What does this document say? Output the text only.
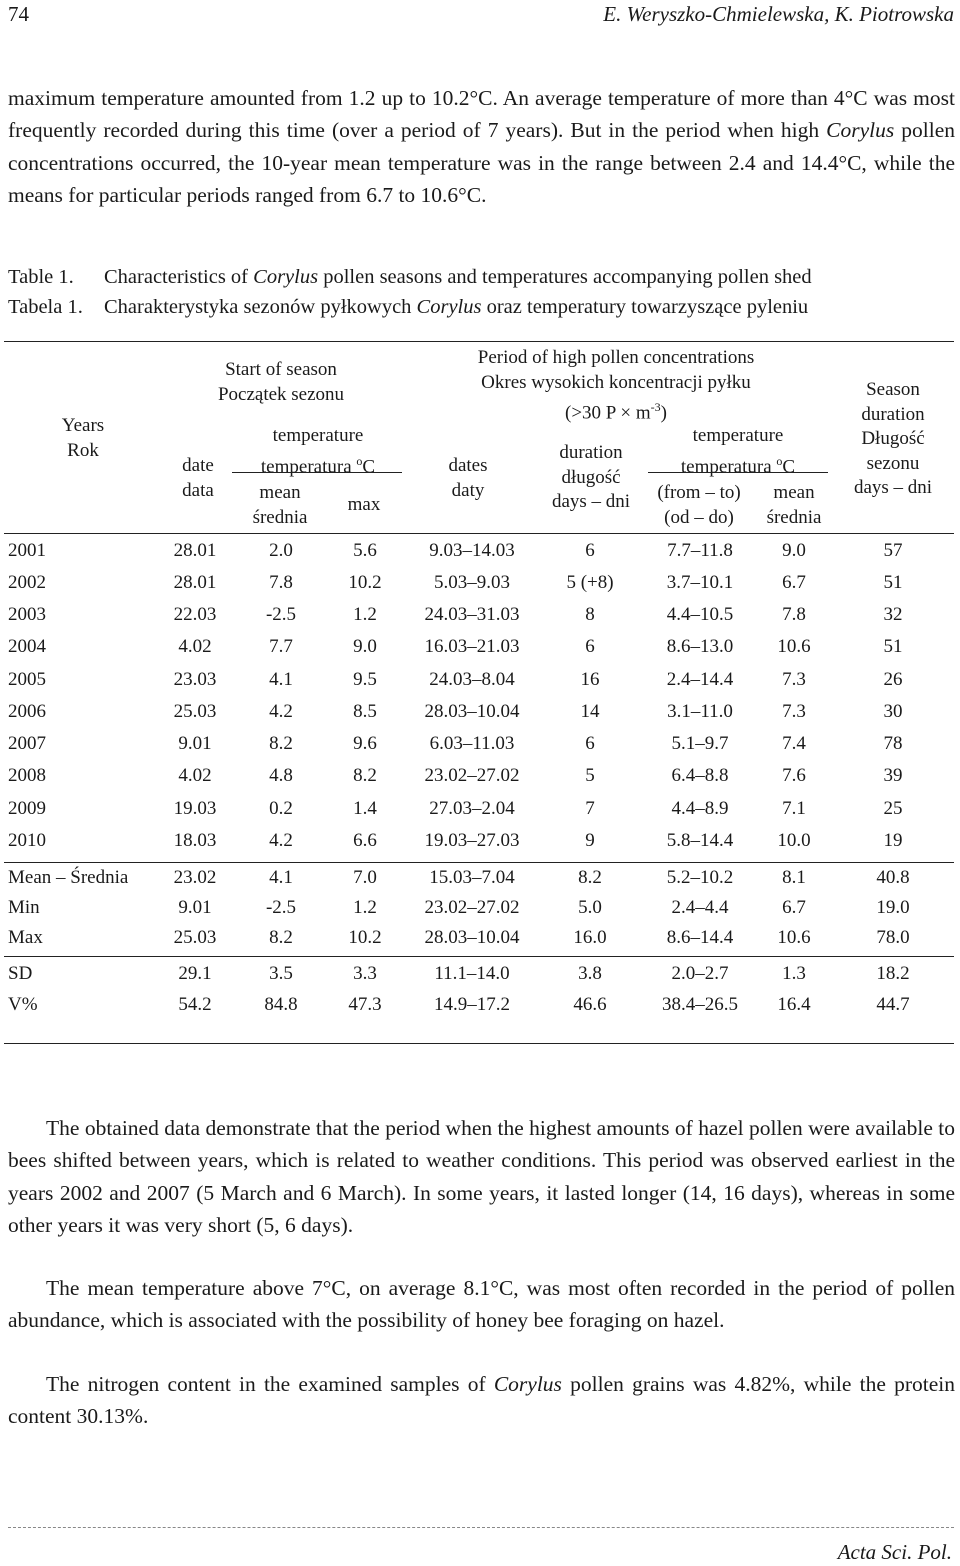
74	E. Weryszko-Chmielewska, K. Piotrowska

maximum temperature amounted from 1.2 up to 10.2°C. An average temperature of more than 4°C was most frequently recorded during this time (over a period of 7 years). But in the period when high Corylus pollen concentrations occurred, the 10-year mean temperature was in the range between 2.4 and 14.4°C, while the means for particular periods ranged from 6.7 to 10.6°C.

Table 1. Characteristics of Corylus pollen seasons and temperatures accompanying pollen shed
Tabela 1. Charakterystyka sezonów pyłkowych Corylus oraz temperatury towarzyszące pyleniu
Years
Rok
Start of season
Początek sezonu
Period of high pollen concentrations
Okres wysokich koncentracji pyłku
(>30 $P \times m^{-3}$)
Season
duration
Długość
sezonu
days – dni
date
data
temperature
temperatura $^o$C
mean
średnia
max
dates
daty
duration
długość
days – dni
temperature
temperatura $^o$C
(from – to)
(od – do)
mean
średnia
2001	28.01	2.0	5.6	9.03–14.03	6	7.7–11.8	9.0	57
2002	28.01	7.8	10.2	5.03–9.03	5 (+8)	3.7–10.1	6.7	51
2003	22.03	-2.5	1.2	24.03–31.03	8	4.4–10.5	7.8	32
2004	4.02	7.7	9.0	16.03–21.03	6	8.6–13.0	10.6	51
2005	23.03	4.1	9.5	24.03–8.04	16	2.4–14.4	7.3	26
2006	25.03	4.2	8.5	28.03–10.04	14	3.1–11.0	7.3	30
2007	9.01	8.2	9.6	6.03–11.03	6	5.1–9.7	7.4	78
2008	4.02	4.8	8.2	23.02–27.02	5	6.4–8.8	7.6	39
2009	19.03	0.2	1.4	27.03–2.04	7	4.4–8.9	7.1	25
2010	18.03	4.2	6.6	19.03–27.03	9	5.8–14.4	10.0	19
Mean – Średnia	23.02	4.1	7.0	15.03–7.04	8.2	5.2–10.2	8.1	40.8
Min	9.01	-2.5	1.2	23.02–27.02	5.0	2.4–4.4	6.7	19.0
Max	25.03	8.2	10.2	28.03–10.04	16.0	8.6–14.4	10.6	78.0
SD	29.1	3.5	3.3	11.1–14.0	3.8	2.0–2.7	1.3	18.2
V%	54.2	84.8	47.3	14.9–17.2	46.6	38.4–26.5	16.4	44.7

The obtained data demonstrate that the period when the highest amounts of hazel pollen were available to bees shifted between years, which is related to weather conditions. This period was observed earliest in the years 2002 and 2007 (5 March and 6 March). In some years, it lasted longer (14, 16 days), whereas in some other years it was very short (5, 6 days).

The mean temperature above 7°C, on average 8.1°C, was most often recorded in the period of pollen abundance, which is associated with the possibility of honey bee foraging on hazel.

The nitrogen content in the examined samples of Corylus pollen grains was 4.82%, while the protein content 30.13%.

Acta Sci. Pol.
